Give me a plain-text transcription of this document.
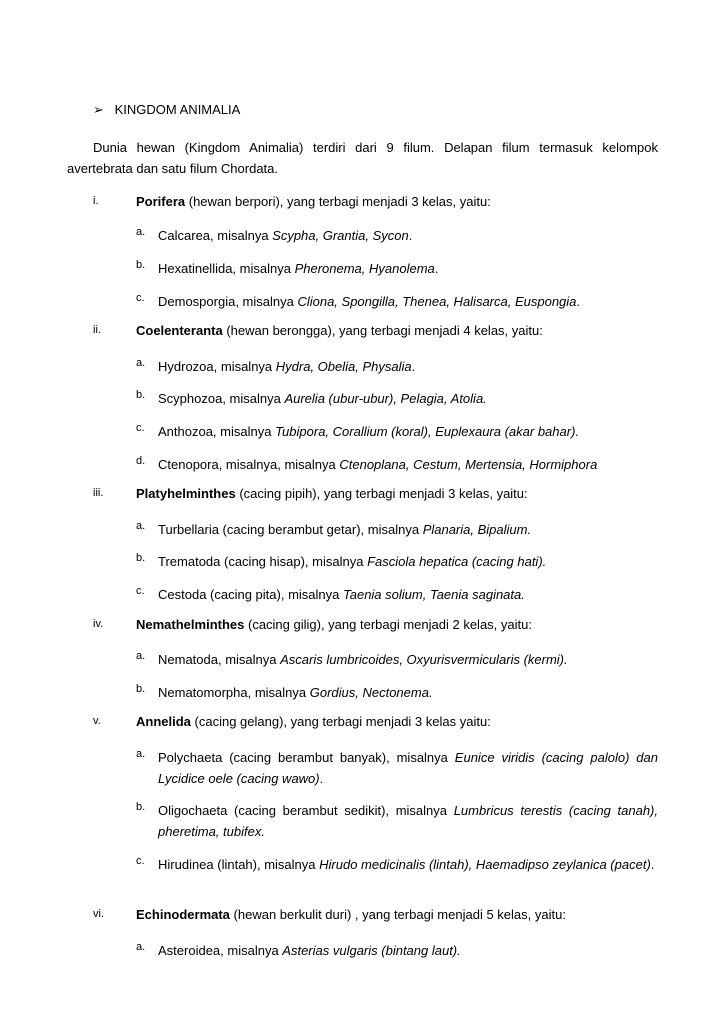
➢ KINGDOM ANIMALIA
Dunia hewan (Kingdom Animalia) terdiri dari 9 filum. Delapan filum termasuk kelompok
avertebrata dan satu filum Chordata.
i.	Porifera (hewan berpori), yang terbagi menjadi 3 kelas, yaitu:
a. Calcarea, misalnya Scypha, Grantia, Sycon.
b. Hexatinellida, misalnya Pheronema, Hyanolema.
c. Demosporgia, misalnya Cliona, Spongilla, Thenea, Halisarca, Euspongia.
ii.	Coelenteranta (hewan berongga), yang terbagi menjadi 4 kelas, yaitu:
a. Hydrozoa, misalnya Hydra, Obelia, Physalia.
b. Scyphozoa, misalnya Aurelia (ubur-ubur), Pelagia, Atolia.
c. Anthozoa, misalnya Tubipora, Corallium (koral), Euplexaura (akar bahar).
d. Ctenopora, misalnya, misalnya Ctenoplana, Cestum, Mertensia, Hormiphora
iii.	Platyhelminthes (cacing pipih), yang terbagi menjadi 3 kelas, yaitu:
a. Turbellaria (cacing berambut getar), misalnya Planaria, Bipalium.
b. Trematoda (cacing hisap), misalnya Fasciola hepatica (cacing hati).
c. Cestoda (cacing pita), misalnya Taenia solium, Taenia saginata.
iv.	Nemathelminthes (cacing gilig), yang terbagi menjadi 2 kelas, yaitu:
a. Nematoda, misalnya Ascaris lumbricoides, Oxyurisvermicularis (kermi).
b. Nematomorpha, misalnya Gordius, Nectonema.
v.	Annelida (cacing gelang), yang terbagi menjadi 3 kelas yaitu:
a. Polychaeta (cacing berambut banyak), misalnya Eunice viridis (cacing palolo) dan Lycidice oele (cacing wawo).
b. Oligochaeta (cacing berambut sedikit), misalnya Lumbricus terestis (cacing tanah), pheretima, tubifex.
c. Hirudinea (lintah), misalnya Hirudo medicinalis (lintah), Haemadipso zeylanica (pacet).
vi. Echinodermata (hewan berkulit duri) , yang terbagi menjadi 5 kelas, yaitu:
a. Asteroidea, misalnya Asterias vulgaris (bintang laut).
